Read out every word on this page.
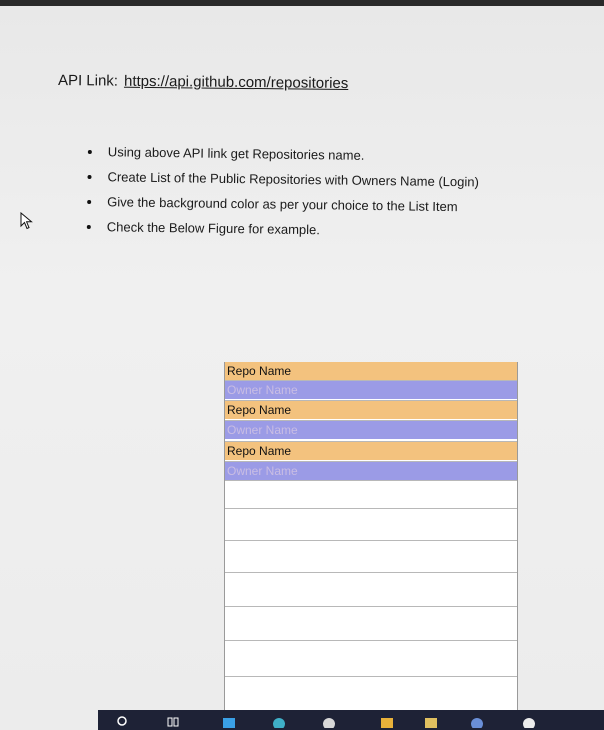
API Link: https://api.github.com/repositories
Using above API link get Repositories name.
Create List of the Public Repositories with Owners Name (Login)
Give the background color as per your choice to the List Item
Check the Below Figure for example.
Repo Name
Owner Name
Repo Name
Owner Name
Repo Name
Owner Name
